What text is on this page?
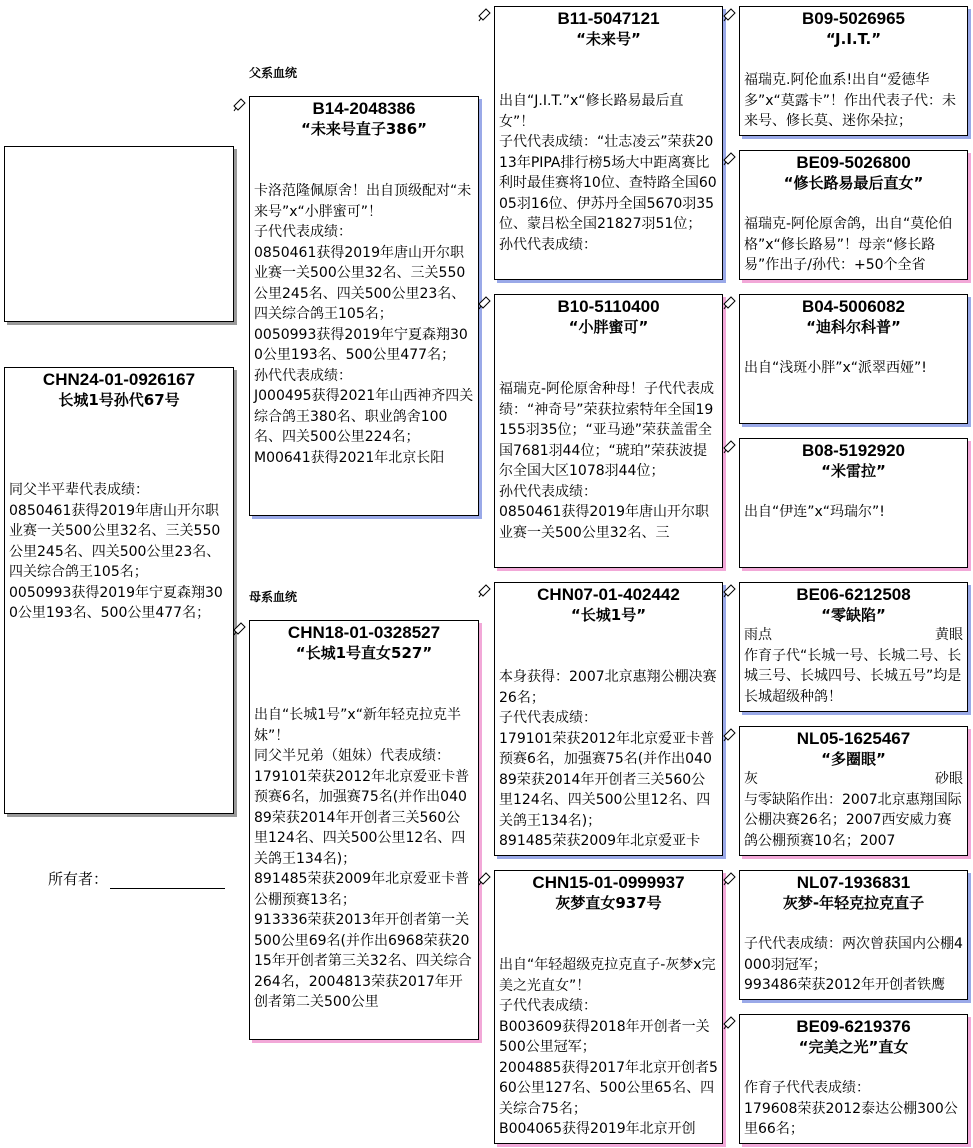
CHN24-01-0926167
长城1号孙代67号
同父半平辈代表成绩：
0850461获得2019年唐山开尔职业赛一关500公里32名、三关550公里245名、四关500公里23名、四关综合鸽王105名；
0050993获得2019年宁夏森翔300公里193名、500公里477名；
所有者：
父系血统
母系血统
B14-2048386
“未来号直子386”
卡洛范隆佩原舍！出自顶级配对“未来号”x“小胖蜜可”！
子代代表成绩：
0850461获得2019年唐山开尔职业赛一关500公里32名、三关550公里245名、四关500公里23名、四关综合鸽王105名；
0050993获得2019年宁夏森翔300公里193名、500公里477名；
孙代代表成绩：
J000495获得2021年山西神齐四关综合鸽王380名、职业鸽舍100名、四关500公里224名；
M00641获得2021年北京长阳
CHN18-01-0328527
“长城1号直女527”
出自“长城1号”x“新年轻克拉克半妹”！
同父半兄弟（姐妹）代表成绩：
179101荣获2012年北京爱亚卡普预赛6名，加强赛75名(并作出04089荣获2014年开创者三关560公里124名、四关500公里12名、四关鸽王134名)；
891485荣获2009年北京爱亚卡普公棚预赛13名；
913336荣获2013年开创者第一关500公里69名(并作出6968荣获2015年开创者第三关32名、四关综合264名，2004813荣获2017年开创者第二关500公里
B11-5047121
“未来号”
出自“J.I.T.”x“修长路易最后直女”！
子代代表成绩：“壮志凌云”荣获2013年PIPA排行榜5场大中距离赛比利时最佳赛将10位、查特路全国6005羽16位、伊苏丹全国5670羽35位、蒙吕松全国21827羽51位；
孙代代表成绩：
B10-5110400
“小胖蜜可”
福瑞克-阿伦原舍种母！子代代表成绩：“神奇号”荣获拉索特年全国19155羽35位；“亚马逊”荣获盖雷全国7681羽44位；“琥珀”荣获波提尔全国大区1078羽44位；
孙代代表成绩：
0850461获得2019年唐山开尔职业赛一关500公里32名、三
CHN07-01-402442
“长城1号”
本身获得：2007北京惠翔公棚决赛26名；
子代代表成绩：
179101荣获2012年北京爱亚卡普预赛6名，加强赛75名(并作出04089荣获2014年开创者三关560公里124名、四关500公里12名、四关鸽王134名)；
891485荣获2009年北京爱亚卡
CHN15-01-0999937
灰梦直女937号
出自“年轻超级克拉克直子-灰梦x完美之光直女”！
子代代表成绩：
B003609获得2018年开创者一关500公里冠军；
2004885获得2017年北京开创者560公里127名、500公里65名、四关综合75名；
B004065获得2019年北京开创
B09-5026965
“J.I.T.”
福瑞克.阿伦血系!出自“爱德华多”x“莫露卡”！作出代表子代：未来号、修长莫、迷你朵拉；
BE09-5026800
“修长路易最后直女”
福瑞克-阿伦原舍鸽，出自“莫伦伯格”x“修长路易”！母亲“修长路易”作出子/孙代：+50个全省
B04-5006082
“迪科尔科普”
出自“浅斑小胖”x“派翠西娅”!
B08-5192920
“米雷拉”
出自“伊连”x“玛瑞尔”!
BE06-6212508
“零缺陷”
雨点	黄眼
作育子代“长城一号、长城二号、长城三号、长城四号、长城五号”均是长城超级种鸽！
NL05-1625467
“多圈眼”
灰	砂眼
与零缺陷作出：2007北京惠翔国际公棚决赛26名；2007西安威力赛鸽公棚预赛10名；2007
NL07-1936831
灰梦-年轻克拉克直子
子代代表成绩：两次曾获国内公棚4000羽冠军；
993486荣获2012年开创者铁鹰
BE09-6219376
“完美之光”直女
作育子代代表成绩：
179608荣获2012泰达公棚300公里66名；
